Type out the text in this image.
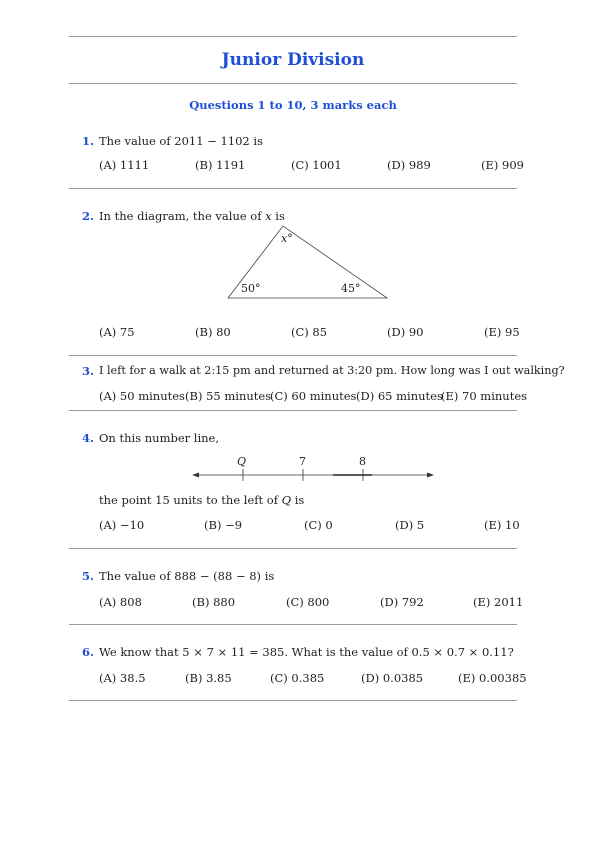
Junior Division
Questions 1 to 10, 3 marks each
1. The value of 2011 − 1102 is
(A) 1111	(B) 1191	(C) 1001	(D) 989	(E) 909
2. In the diagram, the value of x is
x°
50°	45°
(A) 75	(B) 80	(C) 85	(D) 90	(E) 95
3. I left for a walk at 2:15 pm and returned at 3:20 pm. How long was I out walking?
(A) 50 minutes (B) 55 minutes
(C) 60 minutes (D) 65 minutes
(E) 70 minutes
4. On this number line,
Q	7	8
the point 15 units to the left of Q is
(A) −10	(B) −9	(C) 0	(D) 5	(E) 10
5. The value of 888 − (88 − 8) is
(A) 808	(B) 880	(C) 800	(D) 792	(E) 2011
6. We know that 5 × 7 × 11 = 385. What is the value of 0.5 × 0.7 × 0.11?
(A) 38.5	(B) 3.85	(C) 0.385	(D) 0.0385	(E) 0.00385
